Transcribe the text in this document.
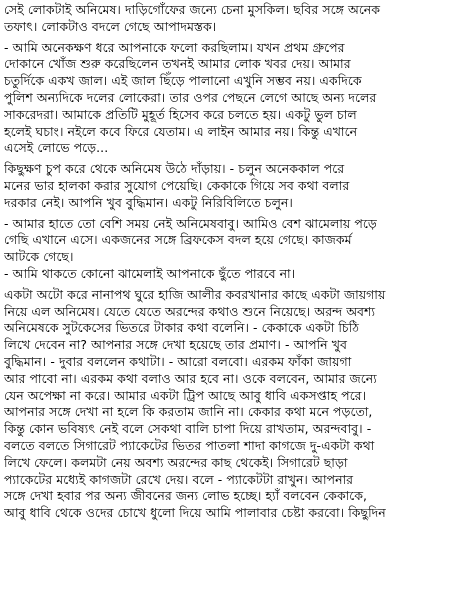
সেই লোকটাই অনিমেষ। দাড়িগোঁফের জন্যে চেনা মুসকিল। ছবির সঙ্গে অনেক
তফাৎ। লোকটাও বদলে গেছে আপাদমস্তক।
- আমি অনেকক্ষণ ধরে আপনাকে ফলো করছিলাম। যখন প্রথম গ্রুপের
দোকানে খোঁজ শুরু করেছিলেন তখনই আমার লোক খবর দেয়। আমার
চতুর্দিকে একখ জাল। এই জাল ছিঁড়ে পালানো এখুনি সম্ভব নয়। একদিকে
পুলিশ অন্যদিকে দলের লোকেরা। তার ওপর পেছনে লেগে আছে অন্য দলের
সাকরেদরা। আমাকে প্রতিটি মুহূর্ত হিসেব করে চলতে হয়। একটু ভুল চাল
হলেই ঘচাং। নইলে কবে ফিরে যেতাম। এ লাইন আমার নয়। কিন্তু এখানে
এসেই লোভে পড়ে...
কিছুক্ষণ চুপ করে থেকে অনিমেষ উঠে দাঁড়ায়। - চলুন অনেককাল পরে
মনের ভার হালকা করার সুযোগ পেয়েছি। কেকাকে গিয়ে সব কথা বলার
দরকার নেই। আপনি খুব বুদ্ধিমান। একটু নিরিবিলিতে চলুন।
- আমার হাতে তো বেশি সময় নেই অনিমেষবাবু। আমিও বেশ ঝামেলায় পড়ে
গেছি এখানে এসে। একজনের সঙ্গে ব্রিফকেস বদল হয়ে গেছে। কাজকর্ম
আটকে গেছে।
- আমি থাকতে কোনো ঝামেলাই আপনাকে ছুঁতে পারবে না।
একটা অটো করে নানাপথ ঘুরে হাজি আলীর কবরখানার কাছে একটা জায়গায়
নিয়ে এল অনিমেষ। যেতে যেতে অরন্দের কথাও শুনে নিয়েছে। অরন্দ অবশ্য
অনিমেষকে সুটকেসের ভিতরে টাকার কথা বলেনি। - কেকাকে একটা চিঠি
লিখে দেবেন না? আপনার সঙ্গে দেখা হয়েছে তার প্রমাণ। - আপনি খুব
বুদ্ধিমান। - দুবার বললেন কথাটা। - আরো বলবো। এরকম ফাঁকা জায়গা
আর পাবো না। এরকম কথা বলাও আর হবে না। ওকে বলবেন, আমার জন্যে
যেন অপেক্ষা না করে। আমার একটা ট্রিপ আছে আবু ধাবি একসপ্তাহ পরে।
আপনার সঙ্গে দেখা না হলে কি করতাম জানি না। কেকার কথা মনে পড়তো,
কিন্তু কোন ভবিষ্যৎ নেই বলে সেকথা বালি চাপা দিয়ে রাখতাম, অরন্দবাবু। -
বলতে বলতে সিগারেট প্যাকেটের ভিতর পাতলা শাদা কাগজে দু-একটা কথা
লিখে ফেলে। কলমটা নেয় অবশ্য অরন্দের কাছ থেকেই। সিগারেট ছাড়া
প্যাকেটের মধ্যেই কাগজটা রেখে দেয়। বলে - প্যাকেটটা রাখুন। আপনার
সঙ্গে দেখা হবার পর অন্য জীবনের জন্য লোভ হচ্ছে। হ্যাঁ বলবেন কেকাকে,
আবু ধাবি থেকে ওদের চোখে ধুলো দিয়ে আমি পালাবার চেষ্টা করবো। কিছুদিন
